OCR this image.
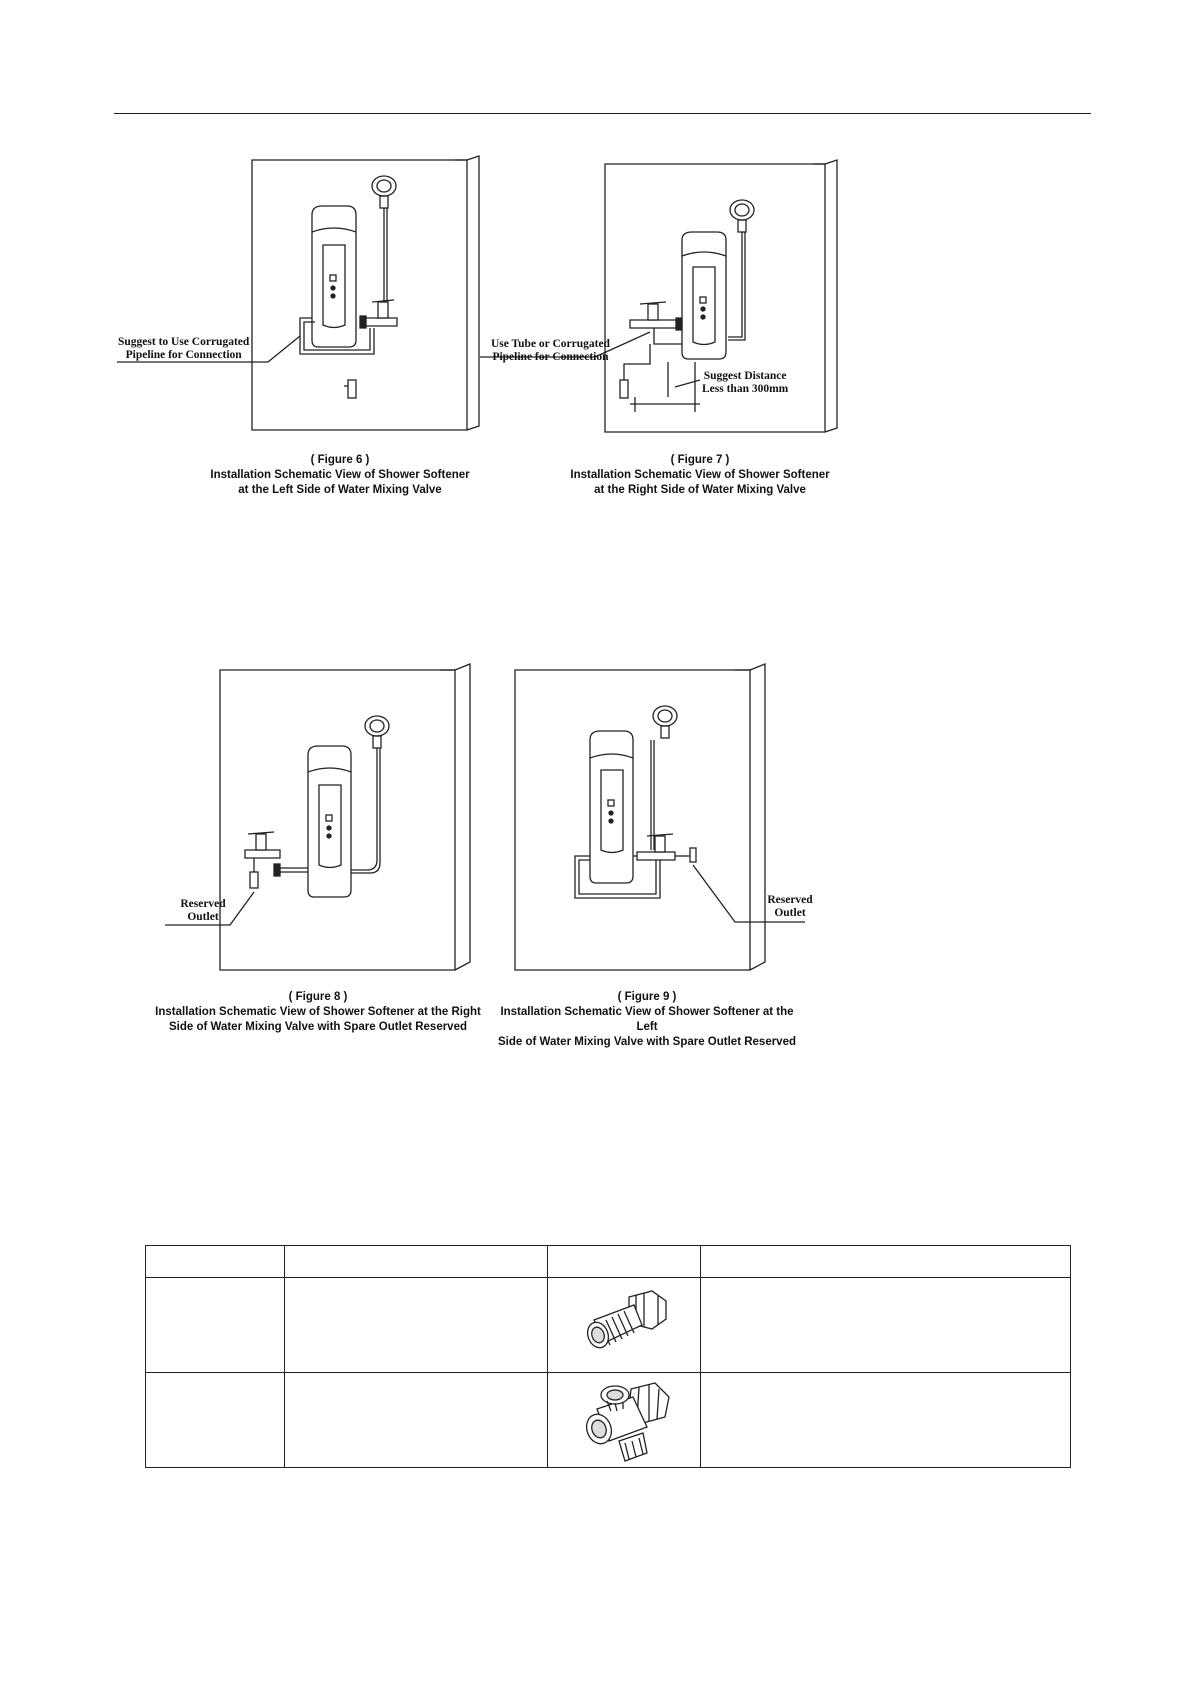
Suggest to Use Corrugated
Pipeline for Connection
( Figure 6 )
Installation Schematic View of Shower Softener
at the Left Side of Water Mixing Valve
Use Tube or Corrugated
Pipeline for Connection
Suggest Distance
Less than 300mm
( Figure 7 )
Installation Schematic View of Shower Softener
at the Right Side of Water Mixing Valve
Reserved
Outlet
( Figure 8 )
Installation Schematic View of Shower Softener at the Right
Side of Water Mixing Valve with Spare Outlet Reserved
Reserved
Outlet
( Figure 9 )
Installation Schematic View of Shower Softener at the Left
Side of Water Mixing Valve with Spare Outlet Reserved
